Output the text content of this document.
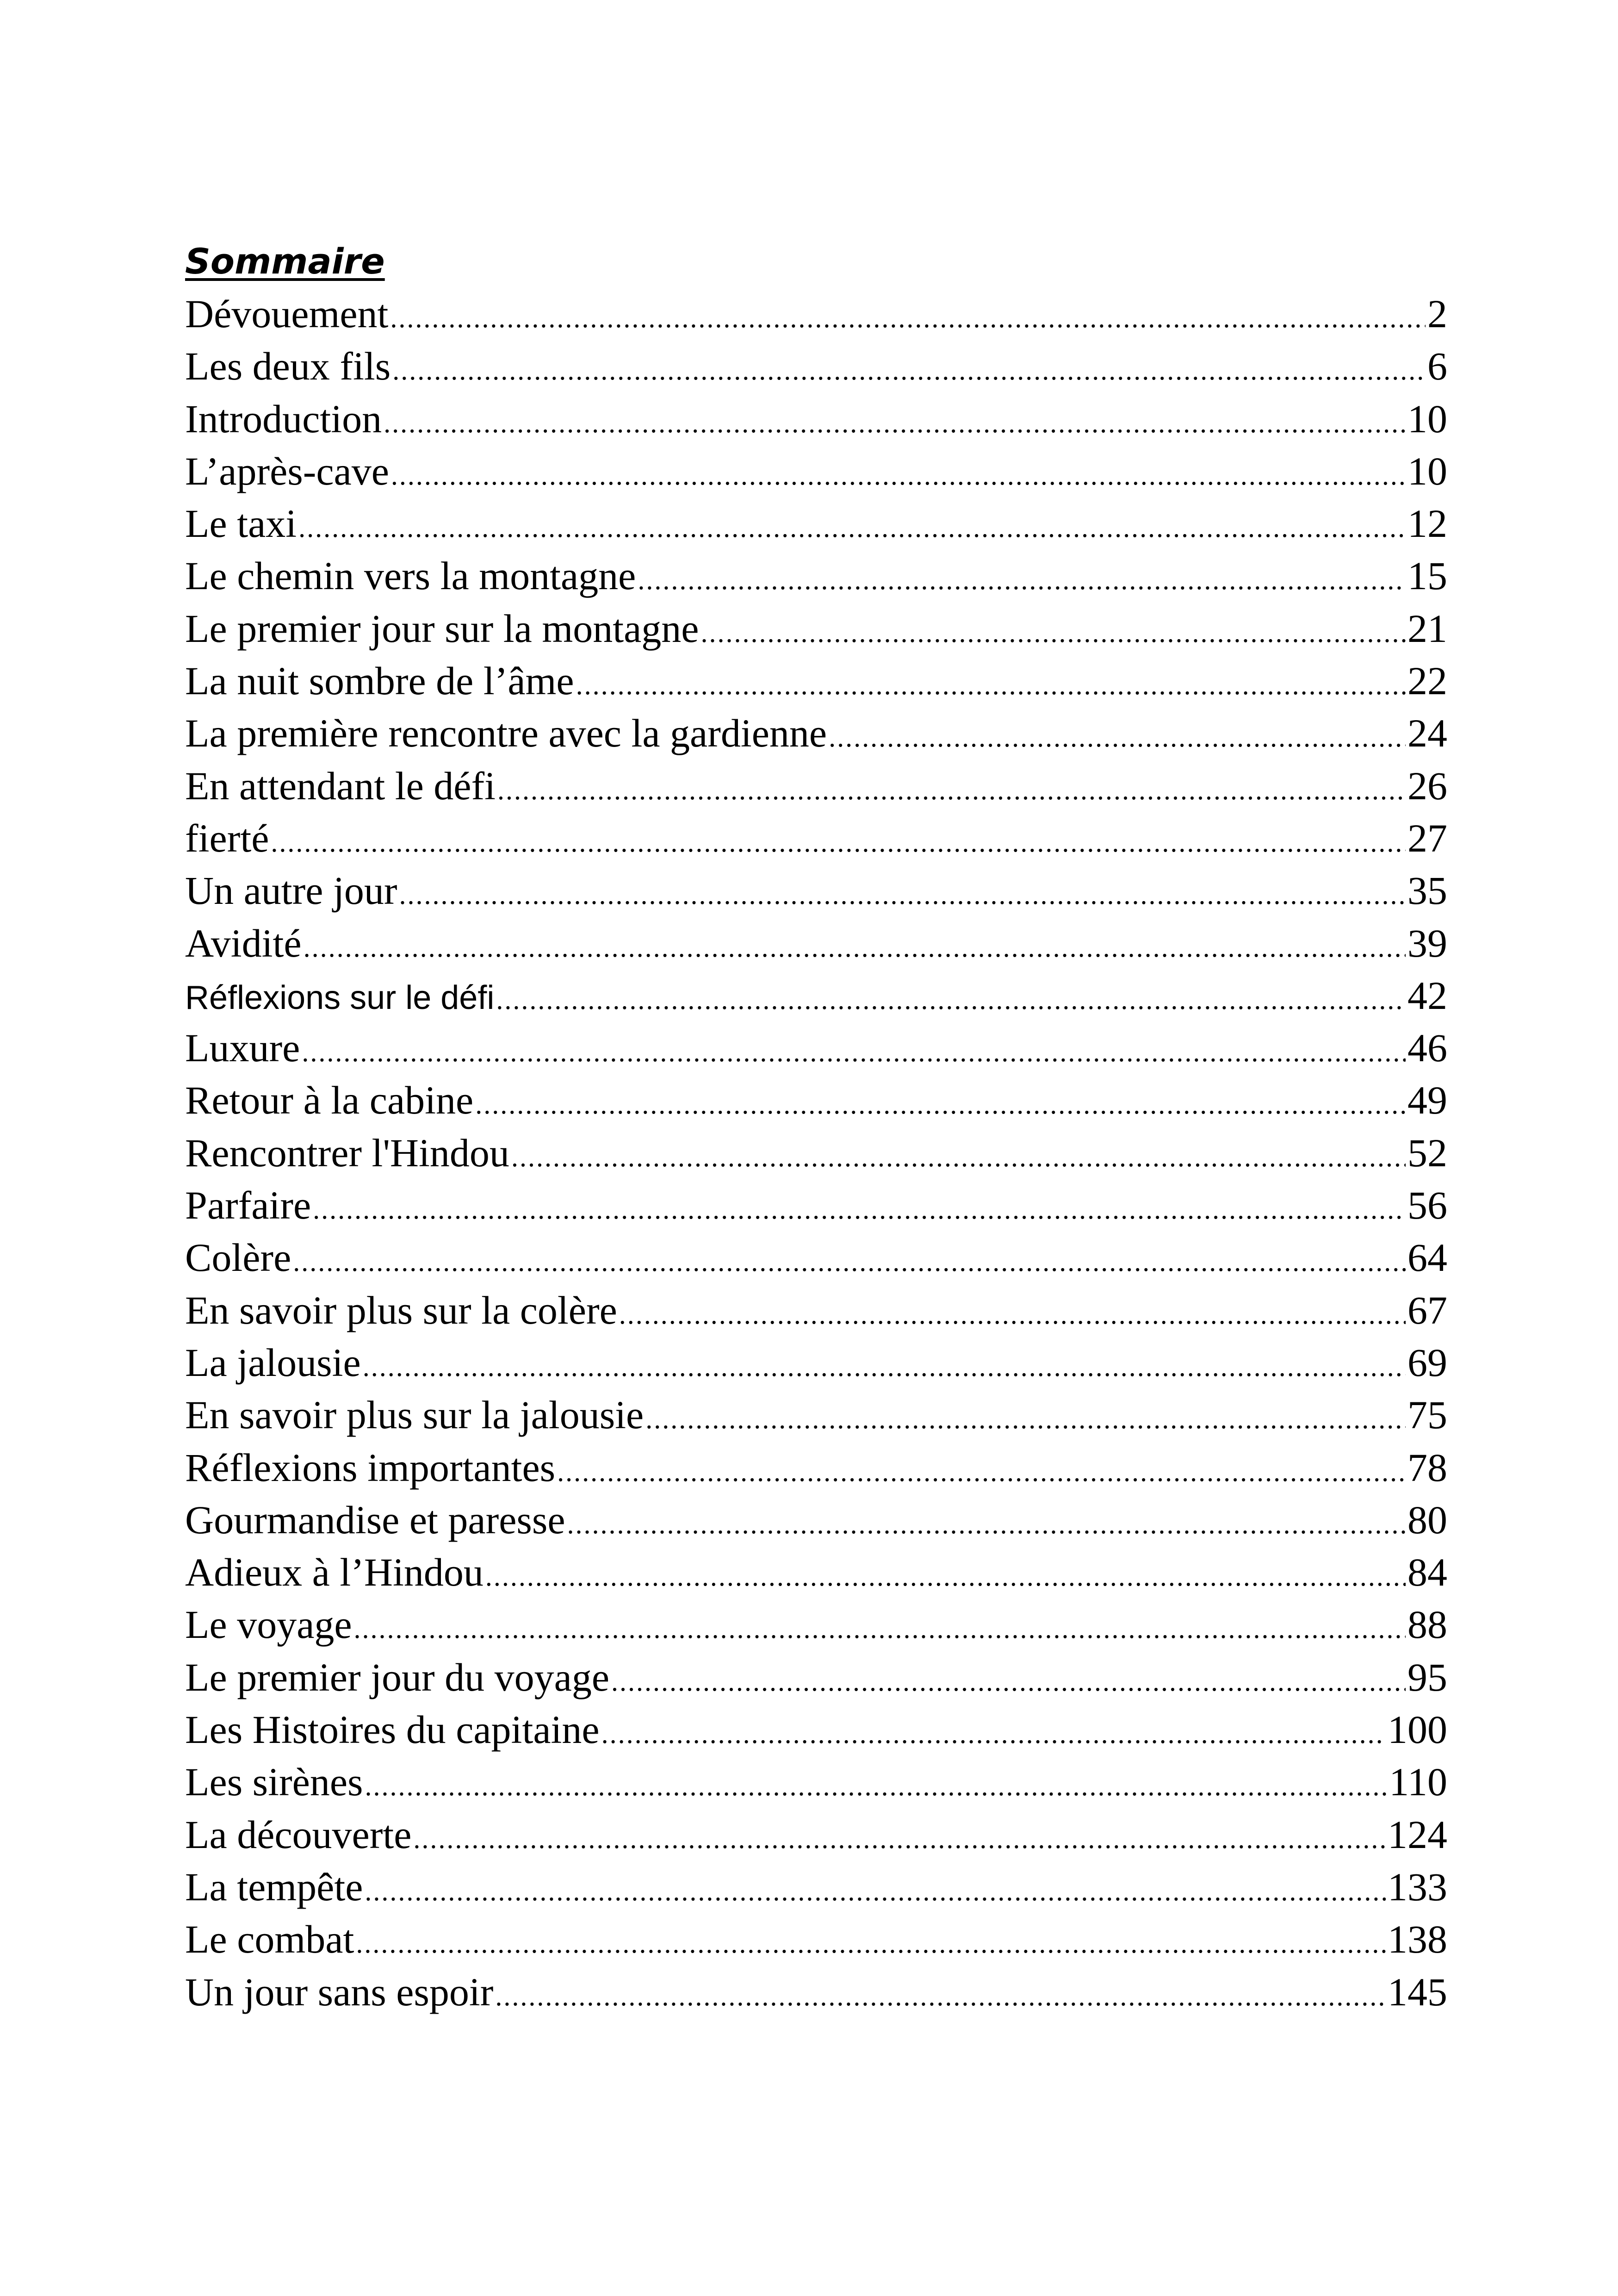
Sommaire
Dévouement .....	2
Les deux fils .....	6
Introduction .....	10
L’après-cave .....	10
Le taxi .....	12
Le chemin vers la montagne .....	15
Le premier jour sur la montagne .....	21
La nuit sombre de l’âme .....	22
La première rencontre avec la gardienne .....	24
En attendant le défi .....	26
fierté .....	27
Un autre jour .....	35
Avidité .....	39
Réflexions sur le défi .....	42
Luxure .....	46
Retour à la cabine .....	49
Rencontrer l'Hindou .....	52
Parfaire .....	56
Colère .....	64
En savoir plus sur la colère .....	67
La jalousie .....	69
En savoir plus sur la jalousie .....	75
Réflexions importantes .....	78
Gourmandise et paresse .....	80
Adieux à l’Hindou .....	84
Le voyage .....	88
Le premier jour du voyage .....	95
Les Histoires du capitaine .....	100
Les sirènes .....	110
La découverte .....	124
La tempête .....	133
Le combat .....	138
Un jour sans espoir .....	145
